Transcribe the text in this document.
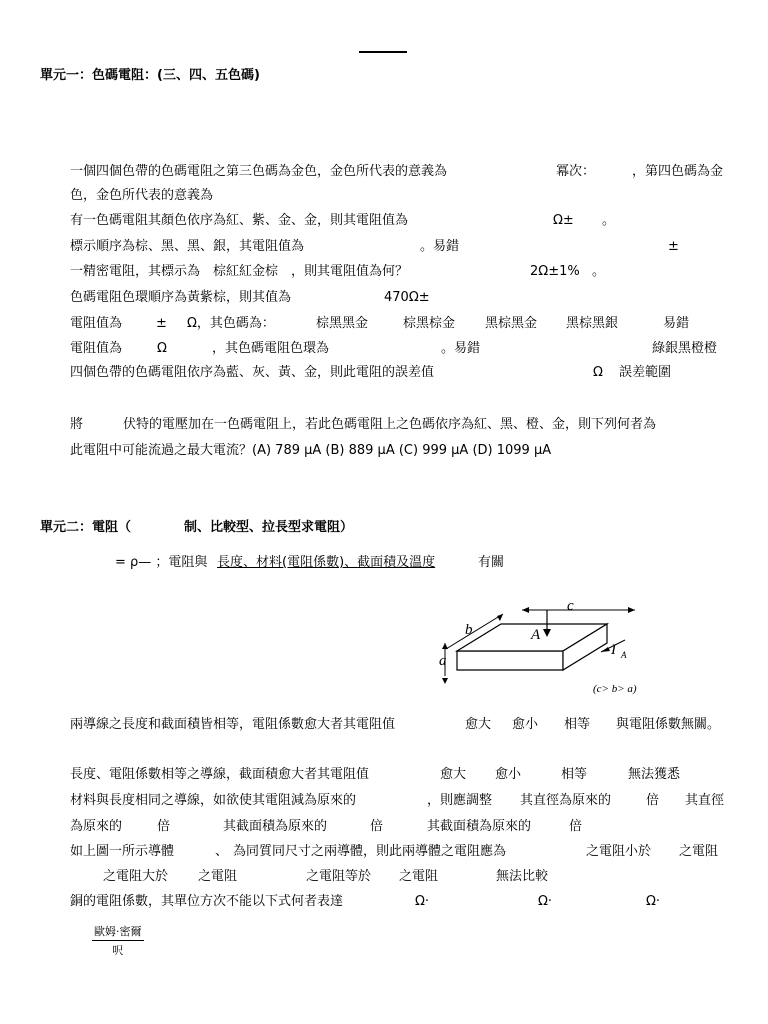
單元一：色碼電阻：(三、四、五色碼)
一個四個色帶的色碼電阻之第三色碼為金色，金色所代表的意義為	冪次：	，第四色碼為金
色，金色所代表的意義為
有一色碼電阻其顏色依序為紅、紫、金、金，則其電阻值為	Ω± 。
標示順序為棕、黑、黑、銀，其電阻值為	。易錯	±
一精密電阻，其標示為　棕紅紅金棕　，則其電阻值為何？	2Ω±1% 。
色碼電阻色環順序為黃紫棕，則其值為	470Ω±
電阻值為	± Ω，其色碼為：	棕黑黑金	棕黑棕金 黑棕黑金 黑棕黑銀	易錯
電阻值為	Ω	，其色碼電阻色環為	。易錯	綠銀黑橙橙
四個色帶的色碼電阻依序為藍、灰、黃、金，則此電阻的誤差值	Ω 誤差範圍
將	伏特的電壓加在一色碼電阻上，若此色碼電阻上之色碼依序為紅、黑、橙、金，則下列何者為
此電阻中可能流過之最大電流？(A) 789 μA (B) 889 μA (C) 999 μA (D) 1099 μA
單元二：電阻（	制、比較型、拉長型求電阻）
= ρ— ；電阻與 長度、材料(電阻係數)、截面積及溫度	有關
c
b	A
a
I A
(c> b> a)
兩導線之長度和截面積皆相等，電阻係數愈大者其電阻值	愈大 愈小 相等 與電阻係數無關。
長度、電阻係數相等之導線，截面積愈大者其電阻值	愈大 愈小	相等	無法獲悉
材料與長度相同之導線，如欲使其電阻減為原來的	，則應調整 其直徑為原來的	倍 其直徑
為原來的	倍	其截面積為原來的	倍	其截面積為原來的	倍
如上圖一所示導體	、 為同質同尺寸之兩導體，則此兩導體之電阻應為	之電阻小於 之電阻
之電阻大於 之電阻	之電阻等於 之電阻	無法比較
銅的電阻係數，其單位方次不能以下式何者表達	Ω·	Ω·	Ω·
歐姆·密爾
呎
